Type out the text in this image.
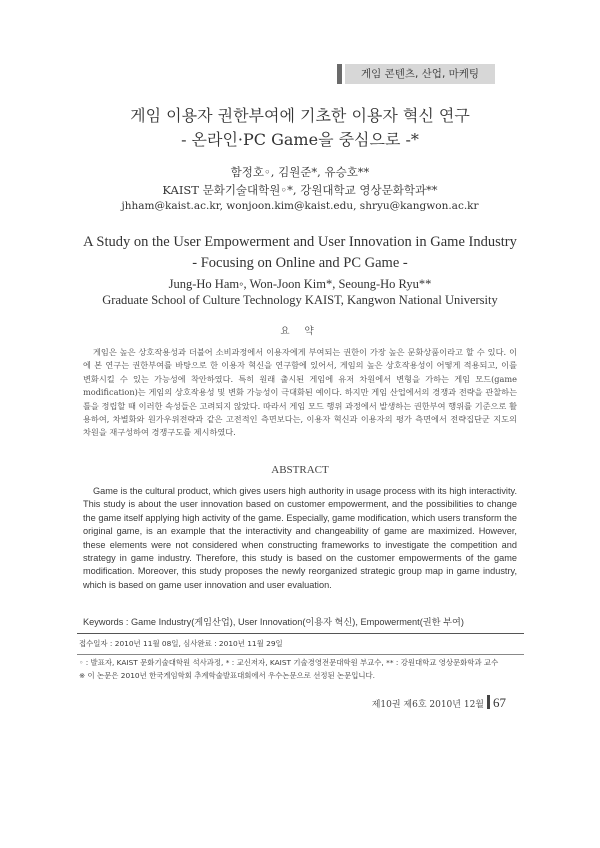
게임 콘텐츠, 산업, 마케팅
게임 이용자 권한부여에 기초한 이용자 혁신 연구
- 온라인·PC Game을 중심으로 -*
함정호◦, 김원준*, 유승호**
KAIST 문화기술대학원◦*, 강원대학교 영상문화학과**
jhham@kaist.ac.kr, wonjoon.kim@kaist.edu, shryu@kangwon.ac.kr
A Study on the User Empowerment and User Innovation in Game Industry
- Focusing on Online and PC Game -
Jung-Ho Ham◦, Won-Joon Kim*, Seoung-Ho Ryu**
Graduate School of Culture Technology KAIST, Kangwon National University
요 약

게임은 높은 상호작용성과 더불어 소비과정에서 이용자에게 부여되는 권한이 가장 높은 문화상품이라고 할 수 있다. 이에 본 연구는 권한부여를 바탕으로 한 이용자 혁신을 연구함에 있어서, 게임의 높은 상호작용성이 어떻게 적용되고, 이를 변화시킬 수 있는 가능성에 착안하였다. 특히 원래 출시된 게임에 유저 차원에서 변형을 가하는 게임 모드(game modification)는 게임의 상호작용성 및 변화 가능성이 극대화된 예이다. 하지만 게임 산업에서의 경쟁과 전략을 관찰하는 틀을 정립할 때 이러한 속성들은 고려되지 않았다. 따라서 게임 모드 행위 과정에서 발생하는 권한부여 행위를 기준으로 활용하여, 차별화와 원가우위전략과 같은 고전적인 측면보다는, 이용자 혁신과 이용자의 평가 측면에서 전략집단군 지도의 차원을 재구성하여 경쟁구도를 제시하였다.

ABSTRACT

Game is the cultural product, which gives users high authority in usage process with its high interactivity. This study is about the user innovation based on customer empowerment, and the possibilities to change the game itself applying high activity of the game. Especially, game modification, which users transform the original game, is an example that the interactivity and changeability of game are maximized. However, these elements were not considered when constructing frameworks to investigate the competition and strategy in game industry. Therefore, this study is based on the customer empowerments of the game modification. Moreover, this study proposes the newly reorganized strategic group map in game industry, which is based on game user innovation and user evaluation.

Keywords : Game Industry(게임산업), User Innovation(이용자 혁신), Empowerment(권한 부여)
접수일자 : 2010년 11월 08일, 심사완료 : 2010년 11월 29일
◦ : 발표자, KAIST 문화기술대학원 석사과정, * : 교신저자, KAIST 기술경영전문대학원 부교수, ** : 강원대학교 영상문화학과 교수
※ 이 논문은 2010년 한국게임학회 추계학술발표대회에서 우수논문으로 선정된 논문입니다.
제10권 제6호 2010년 12월 67
